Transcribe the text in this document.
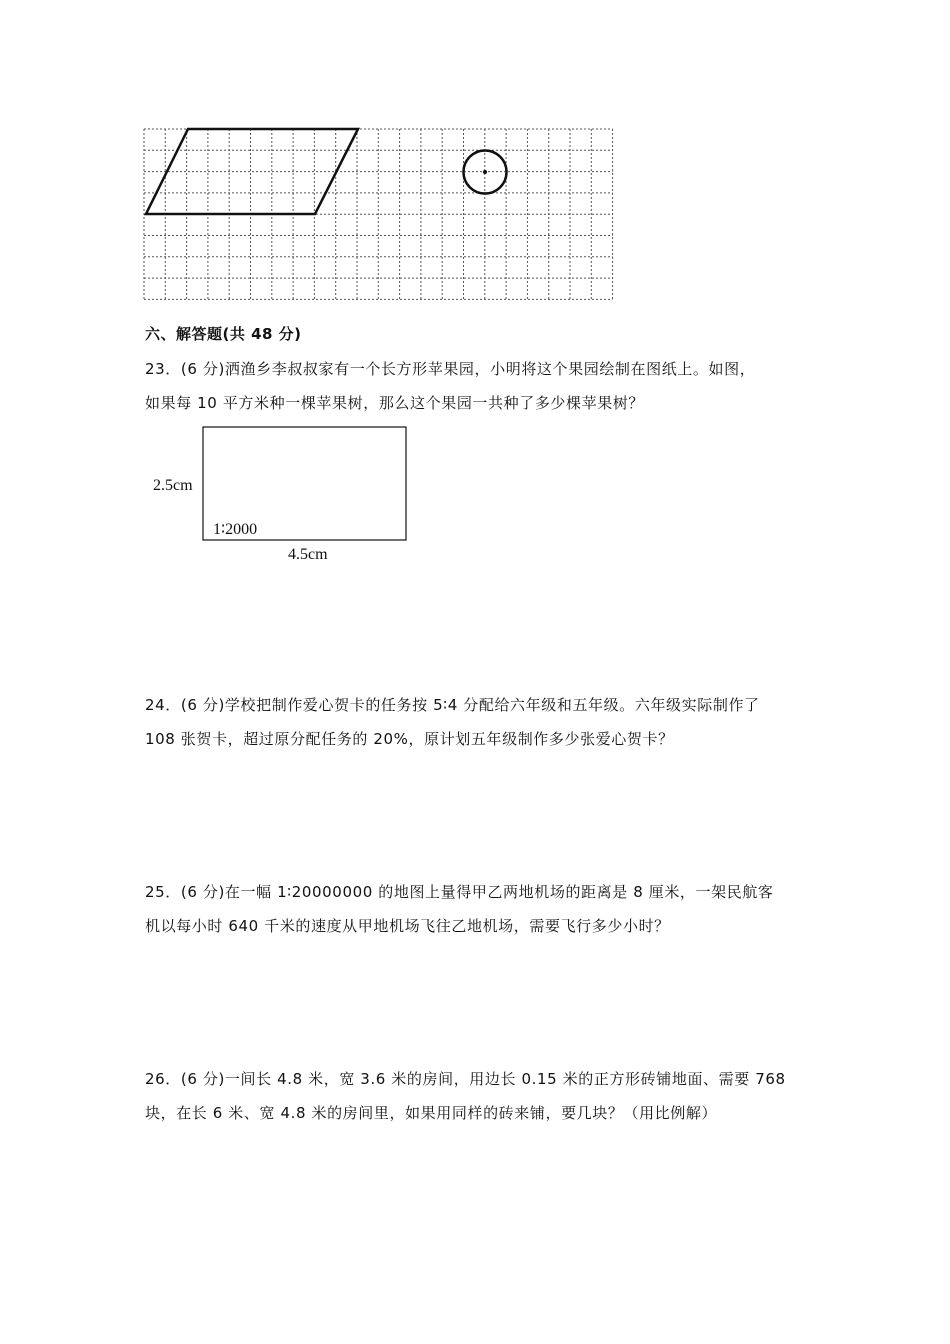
六、解答题(共 48 分)

23．(6 分)洒渔乡李叔叔家有一个长方形苹果园，小明将这个果园绘制在图纸上。如图，

如果每 10 平方米种一棵苹果树，那么这个果园一共种了多少棵苹果树？

2.5cm
1∶2000
4.5cm

24．(6 分)学校把制作爱心贺卡的任务按 5∶4 分配给六年级和五年级。六年级实际制作了

108 张贺卡，超过原分配任务的 20%，原计划五年级制作多少张爱心贺卡？

25．(6 分)在一幅 1∶20000000 的地图上量得甲乙两地机场的距离是 8 厘米，一架民航客

机以每小时 640 千米的速度从甲地机场飞往乙地机场，需要飞行多少小时？

26．(6 分)一间长 4.8 米，宽 3.6 米的房间，用边长 0.15 米的正方形砖铺地面、需要 768

块，在长 6 米、宽 4.8 米的房间里，如果用同样的砖来铺，要几块？（用比例解）
